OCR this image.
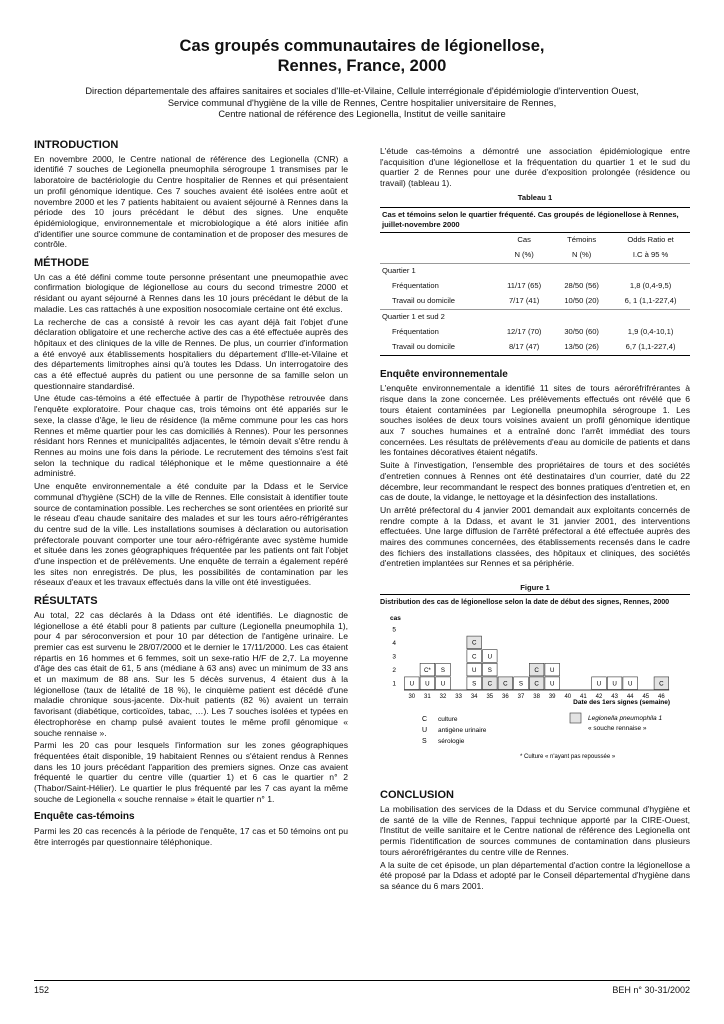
Cas groupés communautaires de légionellose,
Rennes, France, 2000
Direction départementale des affaires sanitaires et sociales d'Ille-et-Vilaine, Cellule interrégionale d'épidémiologie d'intervention Ouest,
Service communal d'hygiène de la ville de Rennes, Centre hospitalier universitaire de Rennes,
Centre national de référence des Legionella, Institut de veille sanitaire
INTRODUCTION

En novembre 2000, le Centre national de référence des Legionella (CNR) a identifié 7 souches de Legionella pneumophila sérogroupe 1 transmises par le laboratoire de bactériologie du Centre hospitalier de Rennes et qui présentaient un profil génomique identique. Ces 7 souches avaient été isolées entre août et novembre 2000 et les 7 patients habitaient ou avaient séjourné à Rennes dans la période des 10 jours précédant le début des signes. Une enquête épidémiologique, environnementale et microbiologique a été alors initiée afin d'identifier une source commune de contamination et de proposer des mesures de contrôle.

MÉTHODE

Un cas a été défini comme toute personne présentant une pneumopathie avec confirmation biologique de légionellose au cours du second trimestre 2000 et résidant ou ayant séjourné à Rennes dans les 10 jours précédant le début de la maladie. Les cas rattachés à une exposition nosocomiale certaine ont été exclus.

La recherche de cas a consisté à revoir les cas ayant déjà fait l'objet d'une déclaration obligatoire et une recherche active des cas a été effectuée auprès des hôpitaux et des cliniques de la ville de Rennes. De plus, un courrier d'information a été envoyé aux établissements hospitaliers du département d'Ille-et-Vilaine et des départements limitrophes ainsi qu'à toutes les Ddass. Un interrogatoire des cas a été effectué auprès du patient ou une personne de sa famille selon un questionnaire standardisé.

Une étude cas-témoins a été effectuée à partir de l'hypothèse retrouvée dans l'enquête exploratoire. Pour chaque cas, trois témoins ont été appariés sur le sexe, la classe d'âge, le lieu de résidence (la même commune pour les cas hors Rennes et même quartier pour les cas domiciliés à Rennes). Pour les personnes résidant hors Rennes et municipalités adjacentes, le témoin devait s'être rendu à Rennes au moins une fois dans la période. Le recrutement des témoins s'est fait selon la technique du radical téléphonique et le même questionnaire a été administré.

Une enquête environnementale a été conduite par la Ddass et le Service communal d'hygiène (SCH) de la ville de Rennes. Elle consistait à identifier toute source de contamination possible. Les recherches se sont orientées en priorité sur le réseau d'eau chaude sanitaire des malades et sur les tours aéro-réfrigérantes du centre sud de la ville. Les installations soumises à déclaration ou autorisation préfectorale pouvant comporter une tour aéro-réfrigérante avec système humide et située dans les zones géographiques fréquentée par les patients ont fait l'objet d'une inspection et de prélèvements. Une enquête de terrain a également repéré les sites non enregistrés. De plus, les possibilités de contamination par les réseaux d'eaux et les travaux effectués dans la ville ont été investiguées.

RÉSULTATS

Au total, 22 cas déclarés à la Ddass ont été identifiés. Le diagnostic de légionellose a été établi pour 8 patients par culture (Legionella pneumophila 1), pour 4 par séroconversion et pour 10 par détection de l'antigène urinaire. Le premier cas est survenu le 28/07/2000 et le dernier le 17/11/2000. Les cas étaient répartis en 16 hommes et 6 femmes, soit un sexe-ratio H/F de 2,7. La moyenne d'âge des cas était de 61, 5 ans (médiane à 63 ans) avec un minimum de 33 ans et un maximum de 88 ans. Sur les 5 décès survenus, 4 étaient dus à la légionellose (taux de létalité de 18 %), le cinquième patient est décédé d'une maladie chronique sous-jacente. Dix-huit patients (82 %) avaient un terrain favorisant (diabétique, corticoïdes, tabac, …). Les 7 souches isolées et typées en électrophorèse en champ pulsé avaient toutes le même profil génomique « souche rennaise ».

Parmi les 20 cas pour lesquels l'information sur les zones géographiques fréquentées était disponible, 19 habitaient Rennes ou s'étaient rendus à Rennes dans les 10 jours précédant l'apparition des premiers signes. Onze cas avaient fréquenté le quartier du centre ville (quartier 1) et 6 cas le quartier n° 2 (Thabor/Saint-Hélier). Le quartier le plus fréquenté par les 7 cas ayant la même souche de Legionella « souche rennaise » était le quartier n° 1.

Enquête cas-témoins

Parmi les 20 cas recencés à la période de l'enquête, 17 cas et 50 témoins ont pu être interrogés par questionnaire téléphonique.

L'étude cas-témoins a démontré une association épidémiologique entre l'acquisition d'une légionellose et la fréquentation du quartier 1 et le sud du quartier 2 de Rennes pour une durée d'exposition prolongée (résidence ou travail) (tableau 1).

Tableau 1
Cas et témoins selon le quartier fréquenté. Cas groupés de légionellose à Rennes, juillet-novembre 2000			
	Cas	Témoins	Odds Ratio et
	N (%)	N (%)	I.C à 95 %
Quartier 1			
Fréquentation	11/17 (65)	28/50 (56)	1,8 (0,4-9,5)
Travail ou domicile	7/17 (41)	10/50 (20)	6, 1 (1,1-227,4)
Quartier 1 et sud 2			
Fréquentation	12/17 (70)	30/50 (60)	1,9 (0,4-10,1)
Travail ou domicile	8/17 (47)	13/50 (26)	6,7 (1,1-227,4)
Enquête environnementale

L'enquête environnementale a identifié 11 sites de tours aéroréfrifrérantes à risque dans la zone concernée. Les prélèvements effectués ont révélé que 6 tours étaient contaminées par Legionella pneumophila sérogroupe 1. Les souches isolées de deux tours voisines avaient un profil génomique identique aux 7 souches humaines et a entraîné donc l'arrêt immédiat des tours concernées. Les résultats de prélèvements d'eau au domicile de patients et dans les fontaines décoratives étaient négatifs.

Suite à l'investigation, l'ensemble des propriétaires de tours et des sociétés d'entretien connues à Rennes ont été destinataires d'un courrier, daté du 22 décembre, leur recommandant le respect des bonnes pratiques d'entretien et, en cas de doute, la vidange, le nettoyage et la désinfection des installations.

Un arrêté préfectoral du 4 janvier 2001 demandait aux exploitants concernés de rendre compte à la Ddass, et avant le 31 janvier 2001, des interventions effectuées. Une large diffusion de l'arrêté préfectoral a été effectuée auprès des maires des communes concernées, des établissements recensés dans le cadre des fichiers des installations classées, des hôpitaux et cliniques, des sociétés d'entretien implantées sur Rennes et sa périphérie.

Figure 1
Distribution des cas de légionellose selon la date de début des signes, Rennes, 2000
cas
1
2
3
4
5
30 31 32 33 34 35 36 37 38 39 40 41 42 43 44 45 46
U U
C*
U
S
S
U
C
C
C
S
U
C S C
C
U
U
U U U	C
Date des 1ers signes (semaine)
C culture
U antigène urinaire
S sérologie
Legionella pneumophila 1
« souche rennaise »
* Culture « n'ayant pas repoussée »
CONCLUSION

La mobilisation des services de la Ddass et du Service communal d'hygiène et de santé de la ville de Rennes, l'appui technique apporté par la CIRE-Ouest, l'Institut de veille sanitaire et le Centre national de référence des Legionella ont permis l'identification de sources communes de contamination dans plusieurs tours aéroréfrigérantes du centre ville de Rennes.

A la suite de cet épisode, un plan départemental d'action contre la légionellose a été proposé par la Ddass et adopté par le Conseil départemental d'hygiène dans sa séance du 6 mars 2001.

152	BEH n° 30-31/2002
